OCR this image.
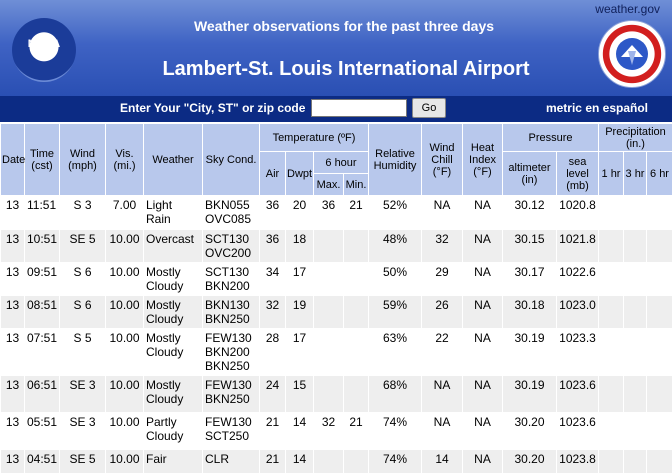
NOAA
weather.gov
Weather observations for the past three days
Lambert-St. Louis International Airport
Enter Your "City, ST" or zip code	Go	metric en español
Date	Time (cst)	Wind (mph)	Vis. (mi.)	Weather	Sky Cond.	Temperature (ºF)				Relative Humidity	Wind Chill (°F)	Heat Index (°F)	Pressure		Precipitation (in.)		
						Air	Dwpt	6 hour					altimeter (in)	sea level (mb)	1 hr	3 hr	6 hr
								Max.	Min.								
13	11:51	S 3	7.00	Light Rain	BKN055 OVC085	36	20	36	21	52%	NA	NA	30.12	1020.8			
13	10:51	SE 5	10.00	Overcast	SCT130 OVC200	36	18			48%	32	NA	30.15	1021.8			
13	09:51	S 6	10.00	Mostly Cloudy	SCT130 BKN200	34	17			50%	29	NA	30.17	1022.6			
13	08:51	S 6	10.00	Mostly Cloudy	BKN130 BKN250	32	19			59%	26	NA	30.18	1023.0			
13	07:51	S 5	10.00	Mostly Cloudy	FEW130 BKN200 BKN250	28	17			63%	22	NA	30.19	1023.3			
13	06:51	SE 3	10.00	Mostly Cloudy	FEW130 BKN250	24	15			68%	NA	NA	30.19	1023.6			
13	05:51	SE 3	10.00	Partly Cloudy	FEW130 SCT250	21	14	32	21	74%	NA	NA	30.20	1023.6			
13	04:51	SE 5	10.00	Fair	CLR	21	14			74%	14	NA	30.20	1023.8			
